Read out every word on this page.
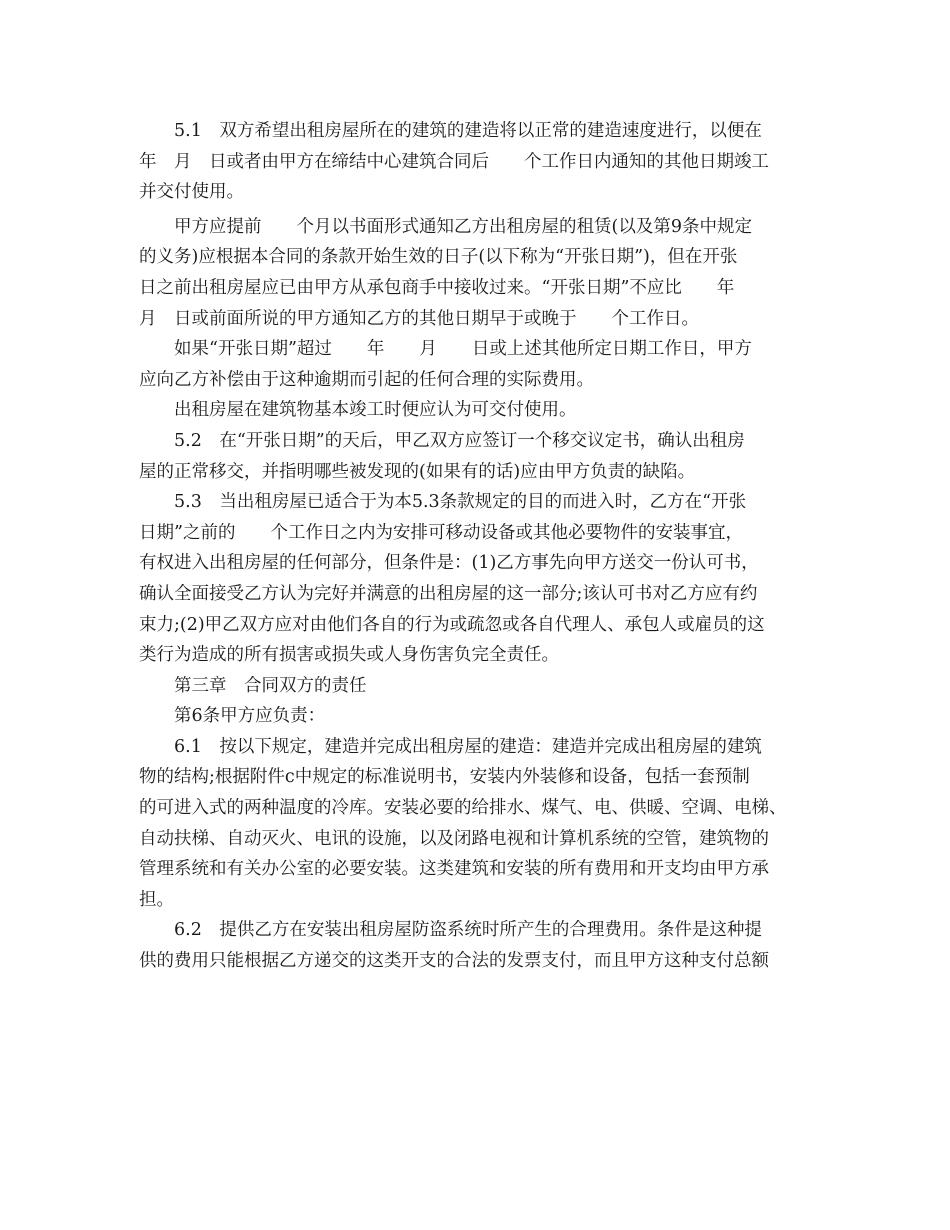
　　5.1　双方希望出租房屋所在的建筑的建造将以正常的建造速度进行，以便在
年　月　日或者由甲方在缔结中心建筑合同后　　个工作日内通知的其他日期竣工
并交付使用。
　　甲方应提前　　个月以书面形式通知乙方出租房屋的租赁(以及第9条中规定
的义务)应根据本合同的条款开始生效的日子(以下称为“开张日期”)，但在开张
日之前出租房屋应已由甲方从承包商手中接收过来。“开张日期”不应比　　年
月　日或前面所说的甲方通知乙方的其他日期早于或晚于　　个工作日。
　　如果“开张日期”超过　　年　　月　　日或上述其他所定日期工作日，甲方
应向乙方补偿由于这种逾期而引起的任何合理的实际费用。
　　出租房屋在建筑物基本竣工时便应认为可交付使用。
　　5.2　在“开张日期”的天后，甲乙双方应签订一个移交议定书，确认出租房
屋的正常移交，并指明哪些被发现的(如果有的话)应由甲方负责的缺陷。
　　5.3　当出租房屋已适合于为本5.3条款规定的目的而进入时，乙方在“开张
日期”之前的　　个工作日之内为安排可移动设备或其他必要物件的安装事宜，
有权进入出租房屋的任何部分，但条件是：(1)乙方事先向甲方送交一份认可书，
确认全面接受乙方认为完好并满意的出租房屋的这一部分;该认可书对乙方应有约
束力;(2)甲乙双方应对由他们各自的行为或疏忽或各自代理人、承包人或雇员的这
类行为造成的所有损害或损失或人身伤害负完全责任。
　　第三章　合同双方的责任
　　第6条甲方应负责：
　　6.1　按以下规定，建造并完成出租房屋的建造：建造并完成出租房屋的建筑
物的结构;根据附件c中规定的标准说明书，安装内外装修和设备，包括一套预制
的可进入式的两种温度的冷库。安装必要的给排水、煤气、电、供暖、空调、电梯、
自动扶梯、自动灭火、电讯的设施，以及闭路电视和计算机系统的空管，建筑物的
管理系统和有关办公室的必要安装。这类建筑和安装的所有费用和开支均由甲方承
担。
　　6.2　提供乙方在安装出租房屋防盗系统时所产生的合理费用。条件是这种提
供的费用只能根据乙方递交的这类开支的合法的发票支付，而且甲方这种支付总额
